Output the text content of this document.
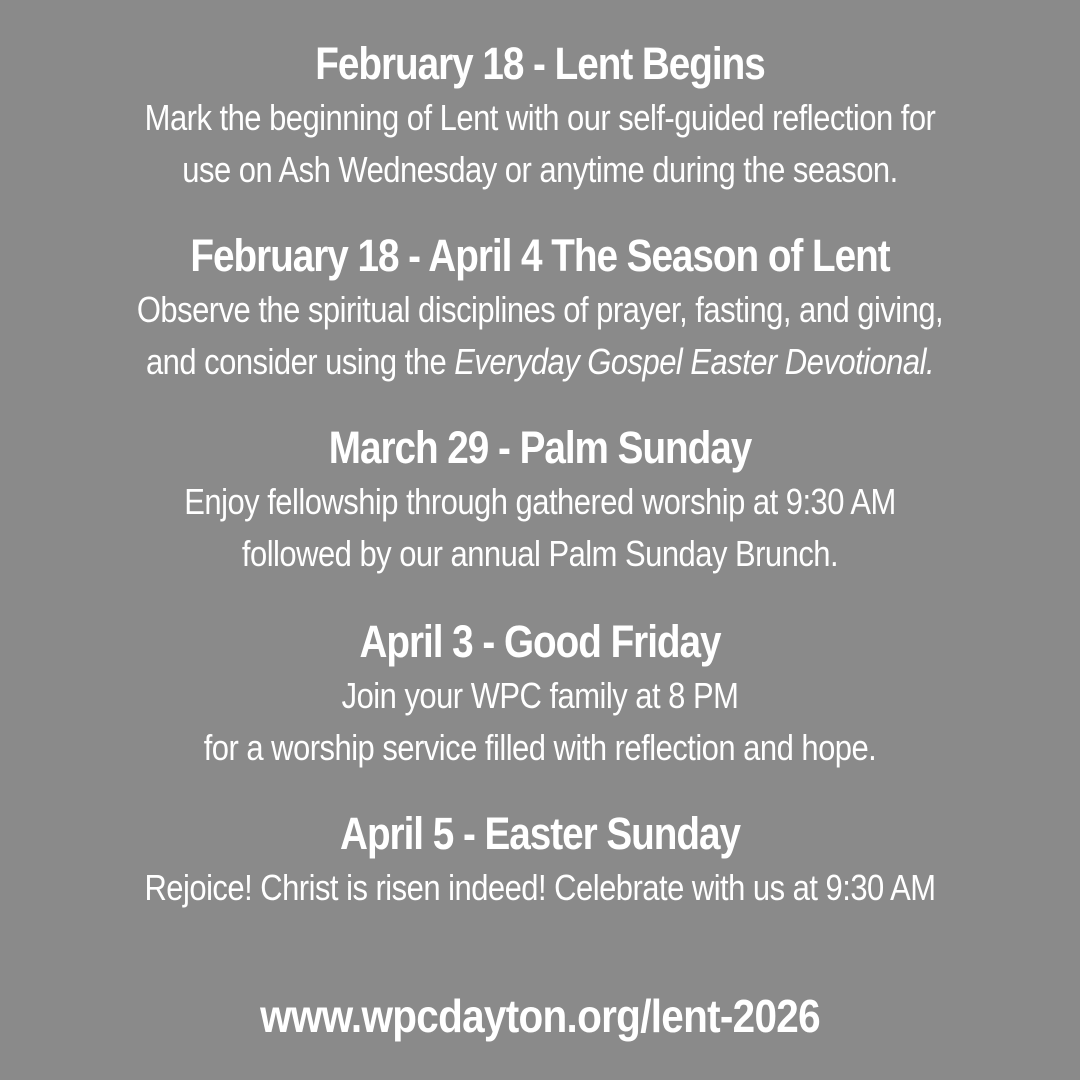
February 18 - Lent Begins
Mark the beginning of Lent with our self-guided reflection for
use on Ash Wednesday or anytime during the season.
February 18 - April 4 The Season of Lent
Observe the spiritual disciplines of prayer, fasting, and giving,
and consider using the Everyday Gospel Easter Devotional.
March 29 - Palm Sunday
Enjoy fellowship through gathered worship at 9:30 AM
followed by our annual Palm Sunday Brunch.
April 3 - Good Friday
Join your WPC family at 8 PM
for a worship service filled with reflection and hope.
April 5 - Easter Sunday
Rejoice! Christ is risen indeed! Celebrate with us at 9:30 AM
www.wpcdayton.org/lent-2026
